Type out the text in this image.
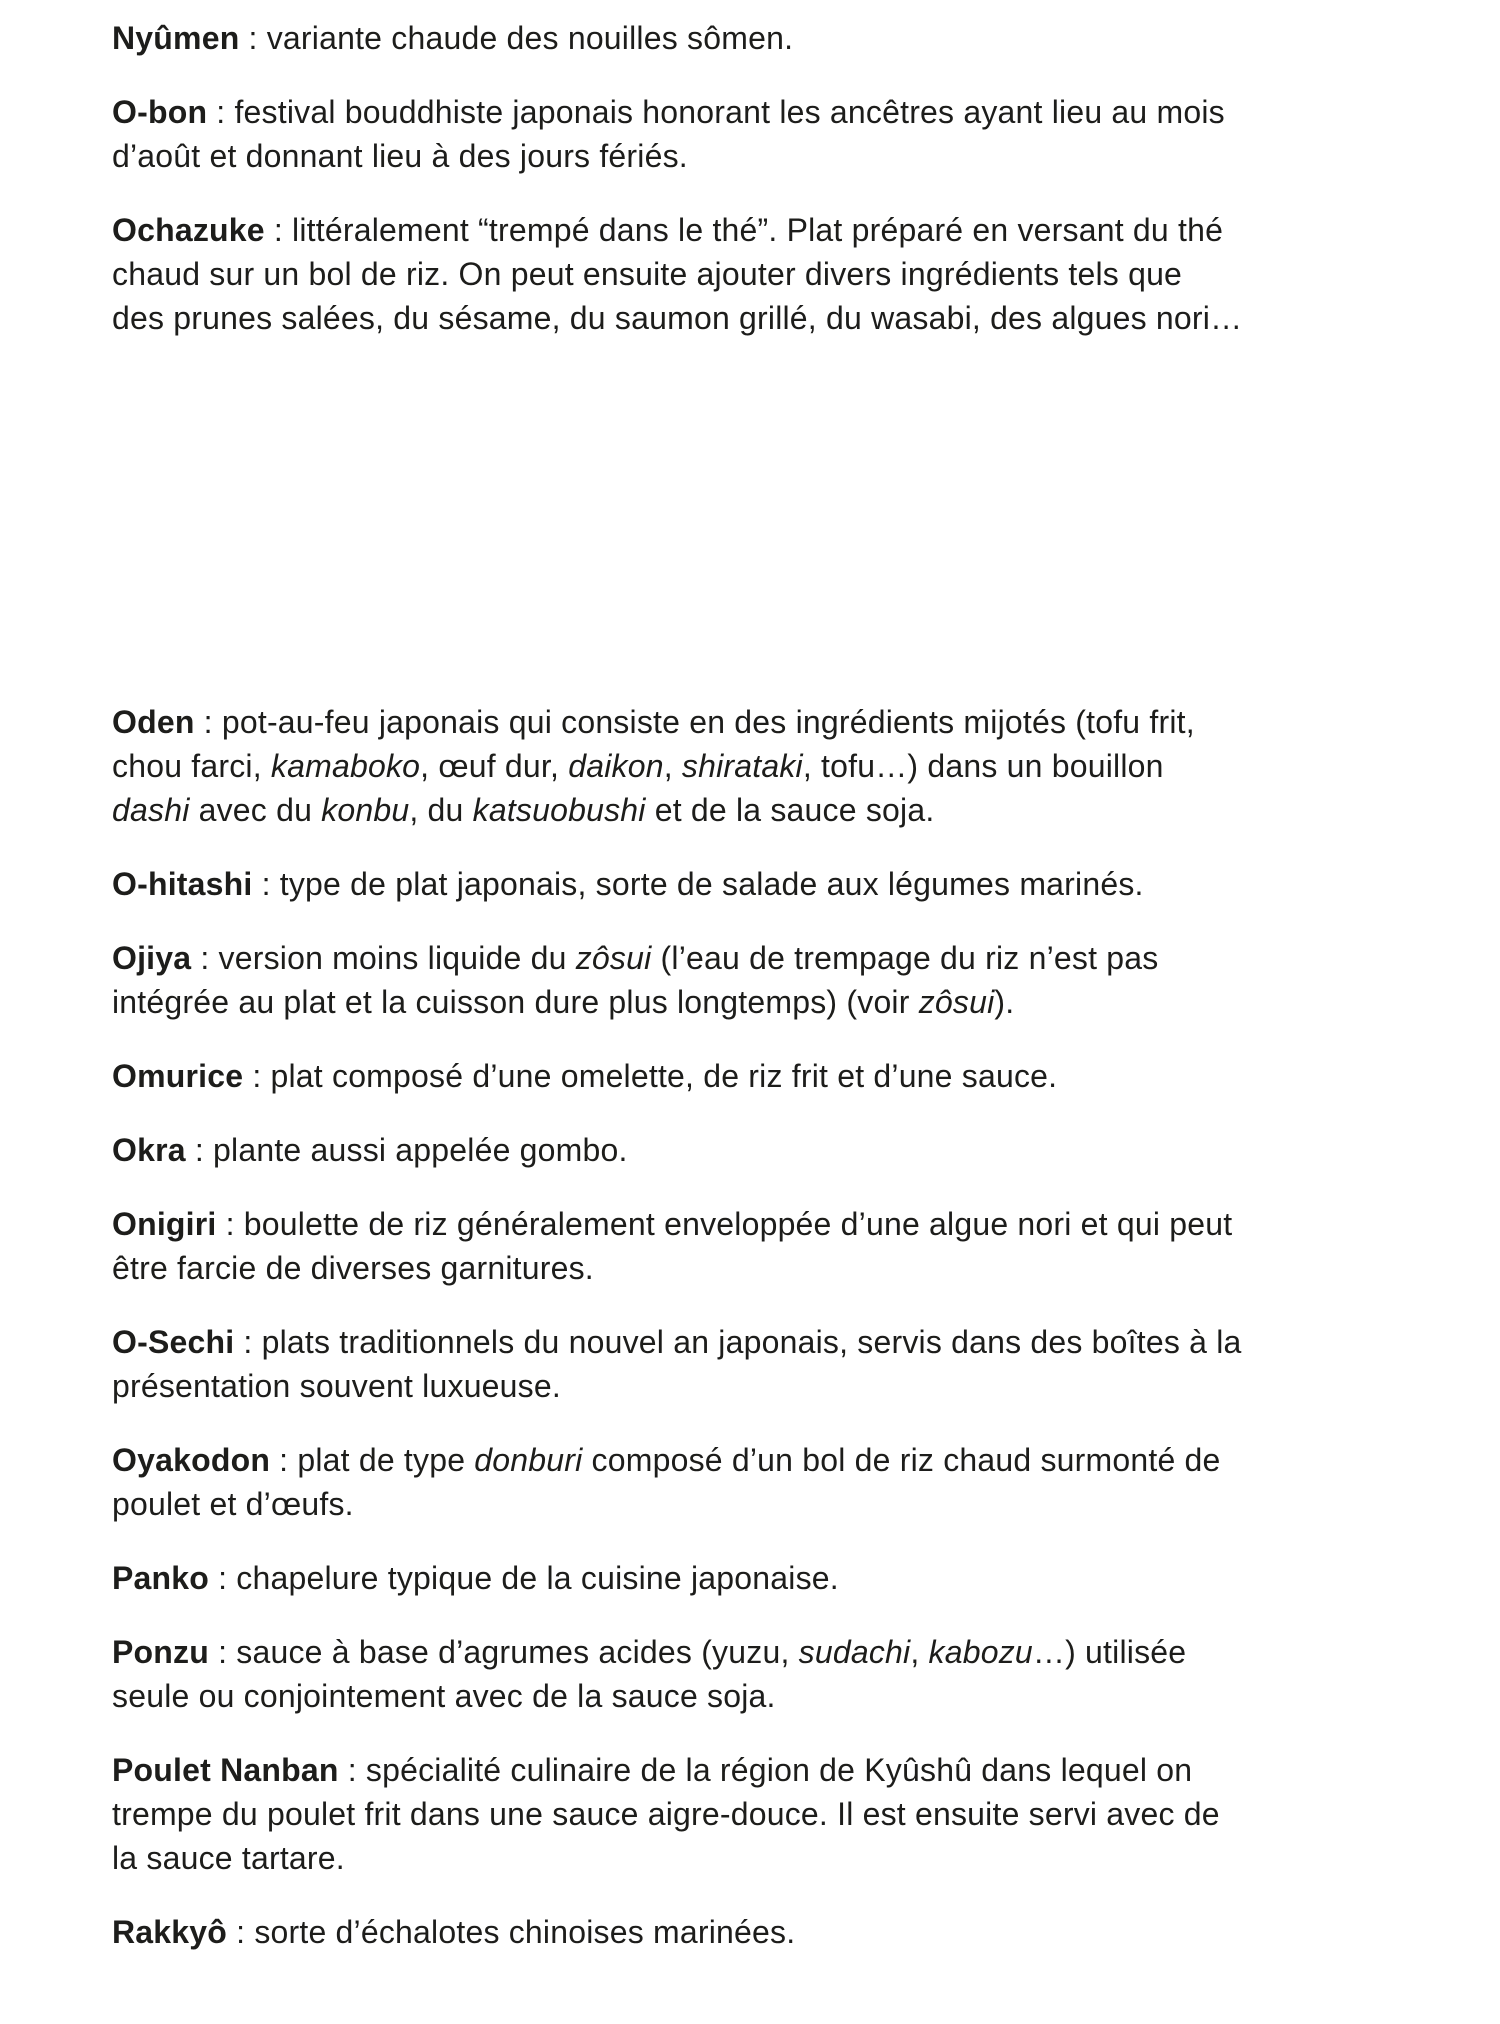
Nyûmen : variante chaude des nouilles sômen.

O-bon : festival bouddhiste japonais honorant les ancêtres ayant lieu au mois
d’août et donnant lieu à des jours fériés.

Ochazuke : littéralement “trempé dans le thé”. Plat préparé en versant du thé
chaud sur un bol de riz. On peut ensuite ajouter divers ingrédients tels que
des prunes salées, du sésame, du saumon grillé, du wasabi, des algues nori…

Oden : pot-au-feu japonais qui consiste en des ingrédients mijotés (tofu frit,
chou farci, kamaboko, œuf dur, daikon, shirataki, tofu…) dans un bouillon
dashi avec du konbu, du katsuobushi et de la sauce soja.

O-hitashi : type de plat japonais, sorte de salade aux légumes marinés.

Ojiya : version moins liquide du zôsui (l’eau de trempage du riz n’est pas
intégrée au plat et la cuisson dure plus longtemps) (voir zôsui).

Omurice : plat composé d’une omelette, de riz frit et d’une sauce.

Okra : plante aussi appelée gombo.

Onigiri : boulette de riz généralement enveloppée d’une algue nori et qui peut
être farcie de diverses garnitures.

O-Sechi : plats traditionnels du nouvel an japonais, servis dans des boîtes à la
présentation souvent luxueuse.

Oyakodon : plat de type donburi composé d’un bol de riz chaud surmonté de
poulet et d’œufs.

Panko : chapelure typique de la cuisine japonaise.

Ponzu : sauce à base d’agrumes acides (yuzu, sudachi, kabozu…) utilisée
seule ou conjointement avec de la sauce soja.

Poulet Nanban : spécialité culinaire de la région de Kyûshû dans lequel on
trempe du poulet frit dans une sauce aigre-douce. Il est ensuite servi avec de
la sauce tartare.

Rakkyô : sorte d’échalotes chinoises marinées.
